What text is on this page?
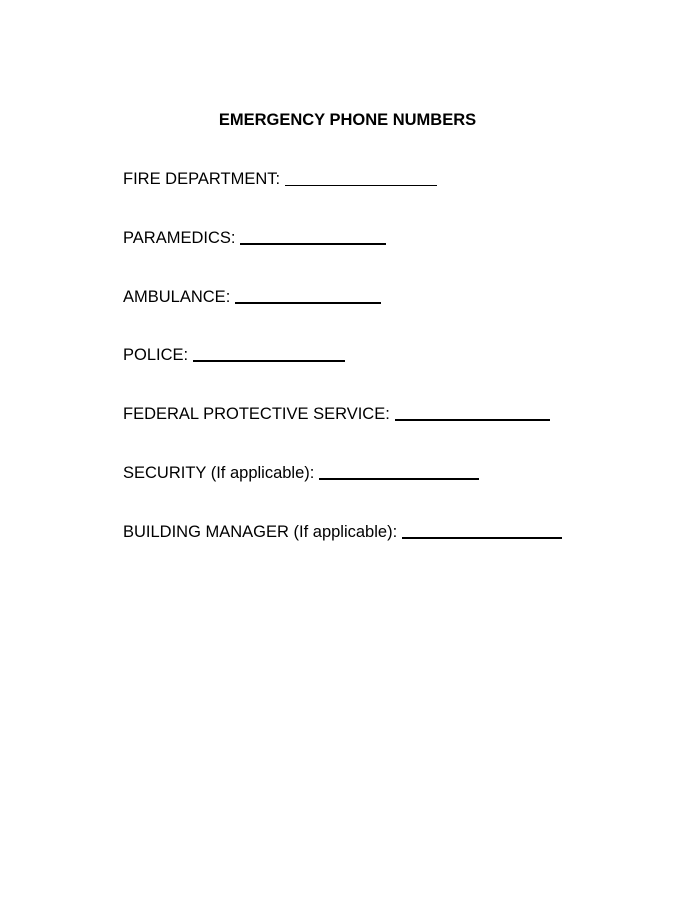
EMERGENCY PHONE NUMBERS
FIRE DEPARTMENT:
PARAMEDICS:
AMBULANCE:
POLICE:
FEDERAL PROTECTIVE SERVICE:
SECURITY (If applicable):
BUILDING MANAGER (If applicable):
